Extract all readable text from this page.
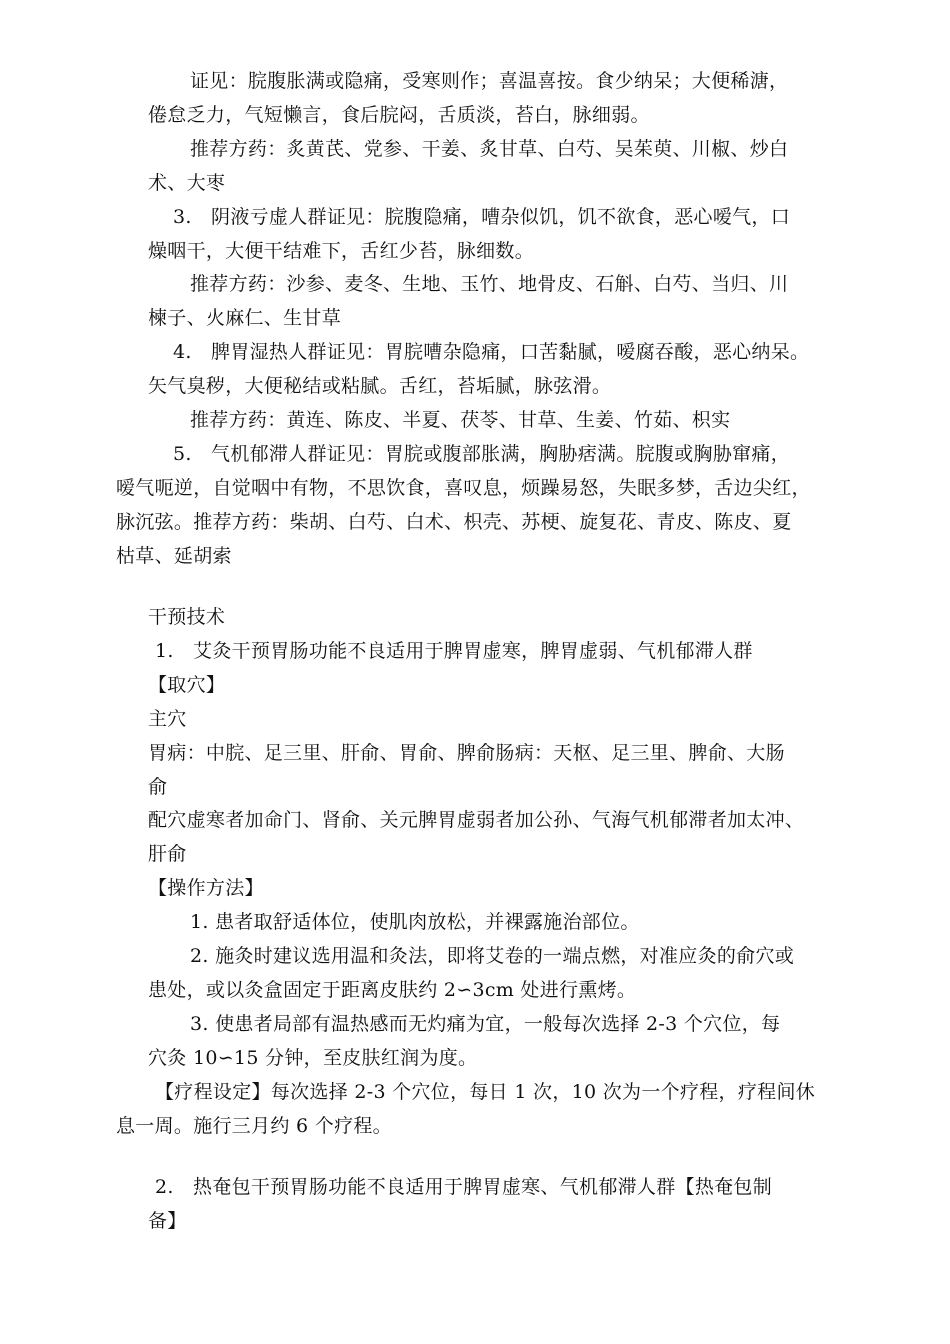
证见：脘腹胀满或隐痛，受寒则作；喜温喜按。食少纳呆；大便稀溏，
倦怠乏力，气短懒言，食后脘闷，舌质淡，苔白，脉细弱。
推荐方药：炙黄芪、党参、干姜、炙甘草、白芍、吴茱萸、川椒、炒白
术、大枣
3.　阴液亏虚人群证见：脘腹隐痛，嘈杂似饥，饥不欲食，恶心嗳气，口
燥咽干，大便干结难下，舌红少苔，脉细数。
推荐方药：沙参、麦冬、生地、玉竹、地骨皮、石斛、白芍、当归、川
楝子、火麻仁、生甘草
4.　脾胃湿热人群证见：胃脘嘈杂隐痛，口苦黏腻，嗳腐吞酸，恶心纳呆。
矢气臭秽，大便秘结或粘腻。舌红，苔垢腻，脉弦滑。
推荐方药：黄连、陈皮、半夏、茯苓、甘草、生姜、竹茹、枳实
5.　气机郁滞人群证见：胃脘或腹部胀满，胸胁痞满。脘腹或胸胁窜痛，
嗳气呃逆，自觉咽中有物，不思饮食，喜叹息，烦躁易怒，失眠多梦，舌边尖红，
脉沉弦。推荐方药：柴胡、白芍、白术、枳壳、苏梗、旋复花、青皮、陈皮、夏
枯草、延胡索
干预技术
1.　艾灸干预胃肠功能不良适用于脾胃虚寒，脾胃虚弱、气机郁滞人群
【取穴】
主穴
胃病：中脘、足三里、肝俞、胃俞、脾俞肠病：天枢、足三里、脾俞、大肠
俞
配穴虚寒者加命门、肾俞、关元脾胃虚弱者加公孙、气海气机郁滞者加太冲、
肝俞
【操作方法】
1. 患者取舒适体位，使肌肉放松，并裸露施治部位。
2. 施灸时建议选用温和灸法，即将艾卷的一端点燃，对准应灸的俞穴或
患处，或以灸盒固定于距离皮肤约 2∽3cm 处进行熏烤。
3. 使患者局部有温热感而无灼痛为宜，一般每次选择 2-3 个穴位，每
穴灸 10∽15 分钟，至皮肤红润为度。
【疗程设定】每次选择 2-3 个穴位，每日 1 次，10 次为一个疗程，疗程间休
息一周。施行三月约 6 个疗程。
2.　热奄包干预胃肠功能不良适用于脾胃虚寒、气机郁滞人群【热奄包制
备】
